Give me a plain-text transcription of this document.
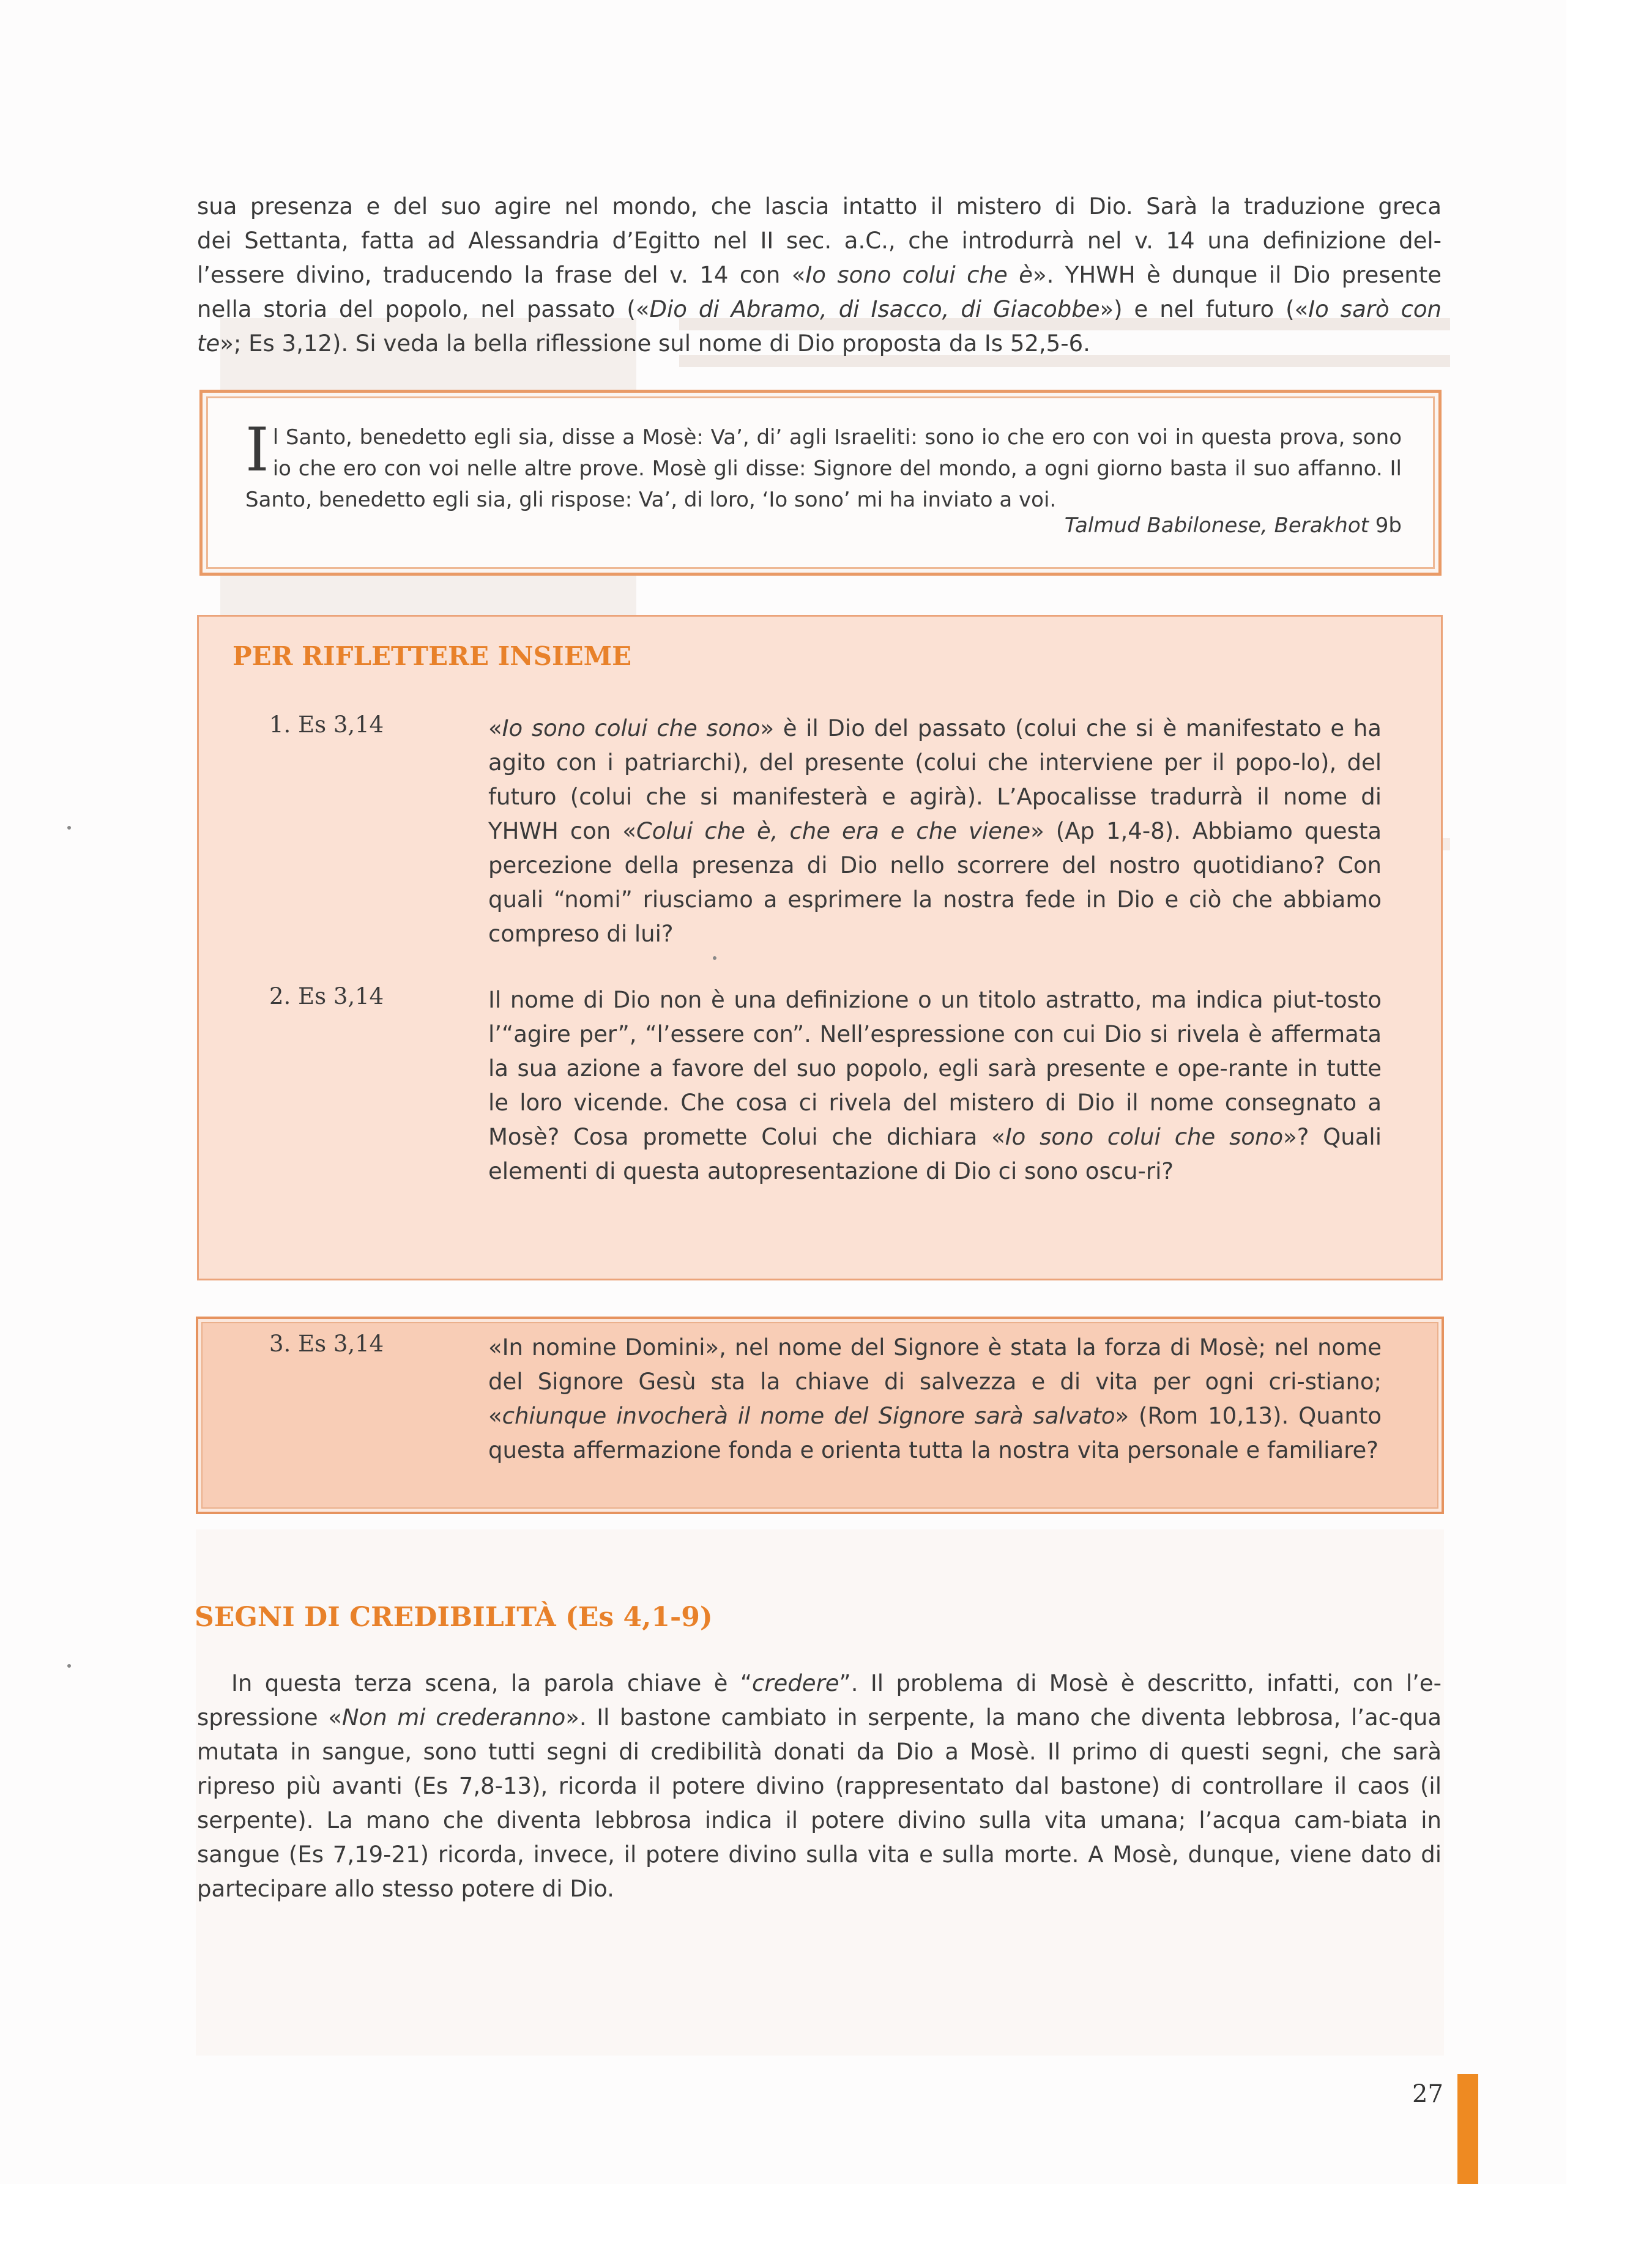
sua presenza e del suo agire nel mondo, che lascia intatto il mistero di Dio. Sarà la traduzione greca
dei Settanta, fatta ad Alessandria d’Egitto nel II sec. a.C., che introdurrà nel v. 14 una definizione del-
l’essere divino, traducendo la frase del v. 14 con «Io sono colui che è». YHWH è dunque il Dio presente
nella storia del popolo, nel passato («Dio di Abramo, di Isacco, di Giacobbe») e nel futuro («Io sarò con
te»; Es 3,12). Si veda la bella riflessione sul nome di Dio proposta da Is 52,5-6.
Il Santo, benedetto egli sia, disse a Mosè: Va’, di’ agli Israeliti: sono io che ero con voi in questa prova, sono io che ero con voi nelle altre prove. Mosè gli disse: Signore del mondo, a ogni giorno basta il suo affanno. Il Santo, benedetto egli sia, gli rispose: Va’, di loro, ‘Io sono’ mi ha inviato a voi.
Talmud Babilonese, Berakhot 9b
PER RIFLETTERE INSIEME
1. Es 3,14	«Io sono colui che sono» è il Dio del passato (colui che si è manifestato e ha agito con i patriarchi), del presente (colui che interviene per il popo-lo), del futuro (colui che si manifesterà e agirà). L’Apocalisse tradurrà il nome di YHWH con «Colui che è, che era e che viene» (Ap 1,4-8). Abbiamo questa percezione della presenza di Dio nello scorrere del nostro quotidiano? Con quali “nomi” riusciamo a esprimere la nostra fede in Dio e ciò che abbiamo compreso di lui?
2. Es 3,14	Il nome di Dio non è una definizione o un titolo astratto, ma indica piut-tosto l’“agire per”, “l’essere con”. Nell’espressione con cui Dio si rivela è affermata la sua azione a favore del suo popolo, egli sarà presente e ope-rante in tutte le loro vicende. Che cosa ci rivela del mistero di Dio il nome consegnato a Mosè? Cosa promette Colui che dichiara «Io sono colui che sono»? Quali elementi di questa autopresentazione di Dio ci sono oscu-ri?
3. Es 3,14	«In nomine Domini», nel nome del Signore è stata la forza di Mosè; nel nome del Signore Gesù sta la chiave di salvezza e di vita per ogni cri-stiano; «chiunque invocherà il nome del Signore sarà salvato» (Rom 10,13). Quanto questa affermazione fonda e orienta tutta la nostra vita personale e familiare?
SEGNI DI CREDIBILITÀ (Es 4,1-9)
In questa terza scena, la parola chiave è “credere”. Il problema di Mosè è descritto, infatti, con l’e-spressione «Non mi crederanno». Il bastone cambiato in serpente, la mano che diventa lebbrosa, l’ac-qua mutata in sangue, sono tutti segni di credibilità donati da Dio a Mosè. Il primo di questi segni, che sarà ripreso più avanti (Es 7,8-13), ricorda il potere divino (rappresentato dal bastone) di controllare il caos (il serpente). La mano che diventa lebbrosa indica il potere divino sulla vita umana; l’acqua cam-biata in sangue (Es 7,19-21) ricorda, invece, il potere divino sulla vita e sulla morte. A Mosè, dunque, viene dato di partecipare allo stesso potere di Dio.
27
